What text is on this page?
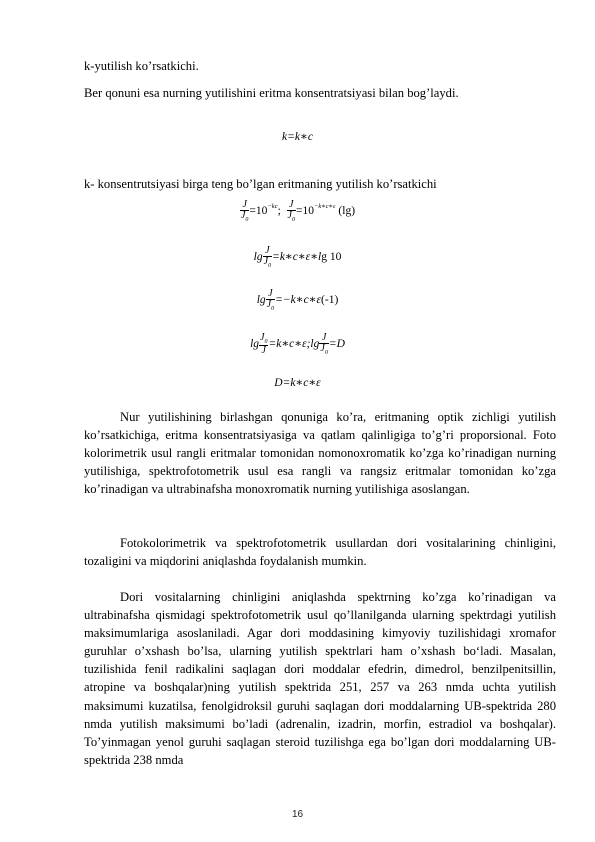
k-yutilish ko’rsatkichi.
Ber qonuni esa nurning yutilishini eritma konsentratsiyasi bilan bog’laydi.
k=k∗c
k- konsentrutsiyasi birga teng bo’lgan eritmaning yutilish ko’rsatkichi
$\frac{J}{J_0} =10^{-kc}$; $\frac{J}{J_0} =10^{-k∗c∗\varepsilon}$ (lg)
$\lg \frac{J}{J_0}$ =k∗c∗ε∗lg 10
$\lg \frac{J}{J_0}$ =−k∗c∗ε(-1)
$\lg \frac{J_0}{J}$ =k∗c∗ε;lg $\frac{J}{J_0} =D$
D=k∗c∗ε

Nur yutilishining birlashgan qonuniga ko’ra, eritmaning optik zichligi yutilish ko’rsatkichiga, eritma konsentratsiyasiga va qatlam qalinligiga to’g’ri proporsional. Foto kolorimetrik usul rangli eritmalar tomonidan nomonoxromatik ko’zga ko’rinadigan nurning yutilishiga, spektrofotometrik usul esa rangli va rangsiz eritmalar tomonidan ko’zga ko’rinadigan va ultrabinafsha monoxromatik nurning yutilishiga asoslangan.

Fotokolorimetrik va spektrofotometrik usullardan dori vositalarining chinligini, tozaligini va miqdorini aniqlashda foydalanish mumkin.

Dori vositalarning chinligini aniqlashda spektrning ko’zga ko’rinadigan va ultrabinafsha qismidagi spektrofotometrik usul qo’llanilganda ularning spektrdagi yutilish maksimumlariga asoslaniladi. Agar dori moddasining kimyoviy tuzilishidagi xromafor guruhlar o’xshash bo’lsa, ularning yutilish spektrlari ham o’xshash bo‘ladi. Masalan, tuzilishida fenil radikalini saqlagan dori moddalar efedrin, dimedrol, benzilpenitsillin, atropine va boshqalar)ning yutilish spektrida 251, 257 va 263 nmda uchta yutilish maksimumi kuzatilsa, fenolgidroksil guruhi saqlagan dori moddalarning UB-spektrida 280 nmda yutilish maksimumi bo’ladi (adrenalin, izadrin, morfin, estradiol va boshqalar). To’yinmagan yenol guruhi saqlagan steroid tuzilishga ega bo’lgan dori moddalarning UB-spektrida 238 nmda

16
